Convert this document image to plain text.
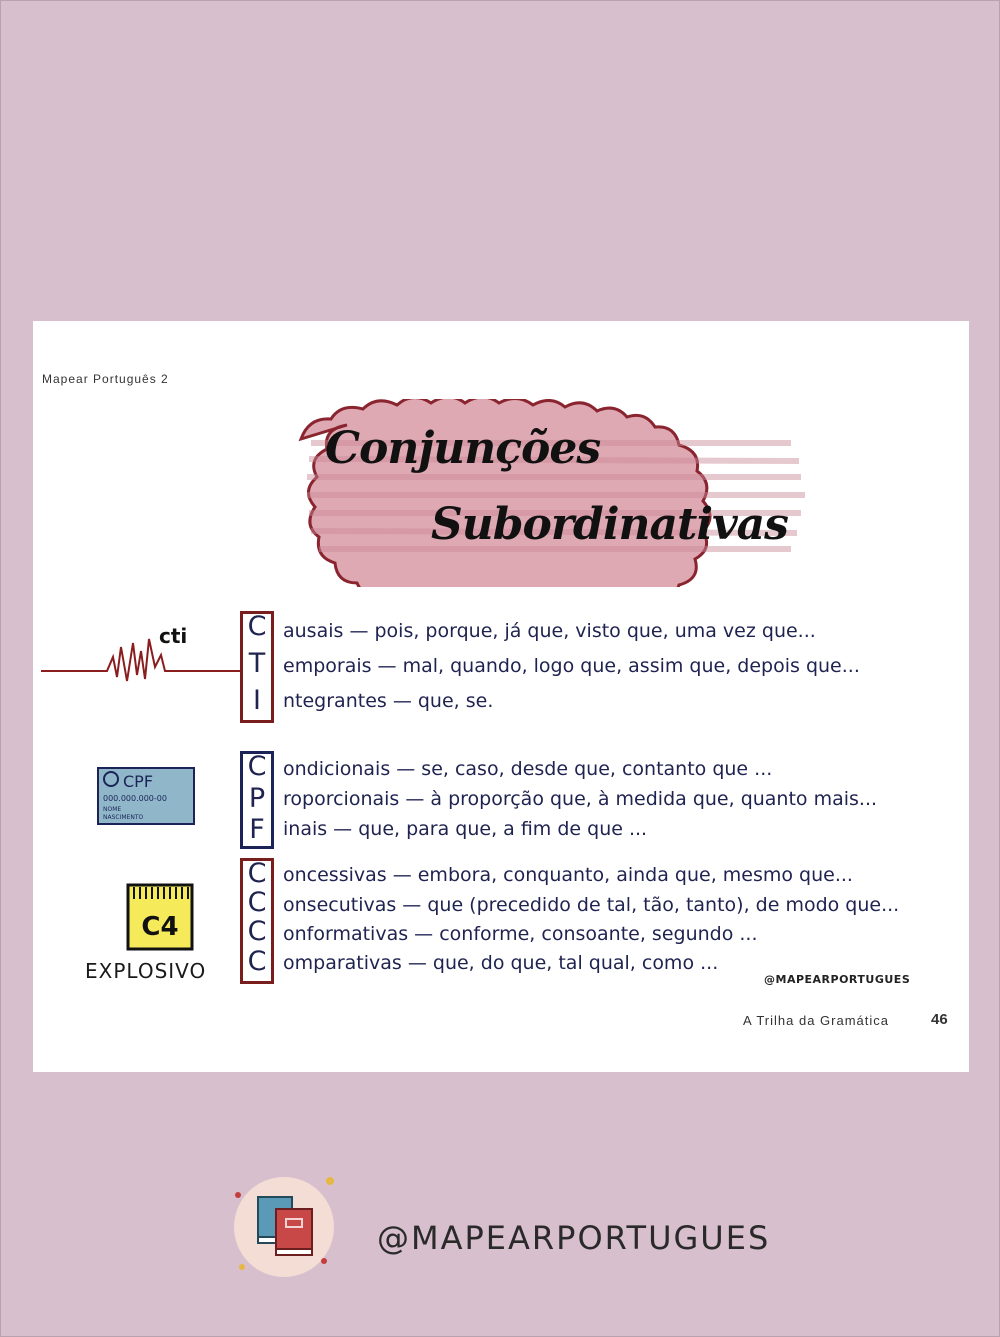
Mapear Português 2
Conjunções
Subordinativas
cti
CPF
000.000.000-00
NOME
NASCIMENTO
C4
EXPLOSIVO
C
T
I
ausais — pois, porque, já que, visto que, uma vez que...
emporais — mal, quando, logo que, assim que, depois que...
ntegrantes — que, se.
C
P
F
ondicionais — se, caso, desde que, contanto que ...
roporcionais — à proporção que, à medida que, quanto mais...
inais — que, para que, a fim de que ...
C
C
C
C
oncessivas — embora, conquanto, ainda que, mesmo que...
onsecutivas — que (precedido de tal, tão, tanto), de modo que...
onformativas — conforme, consoante, segundo ...
omparativas — que, do que, tal qual, como ...
@MAPEARPORTUGUES
A Trilha da Gramática	46
@MAPEARPORTUGUES
